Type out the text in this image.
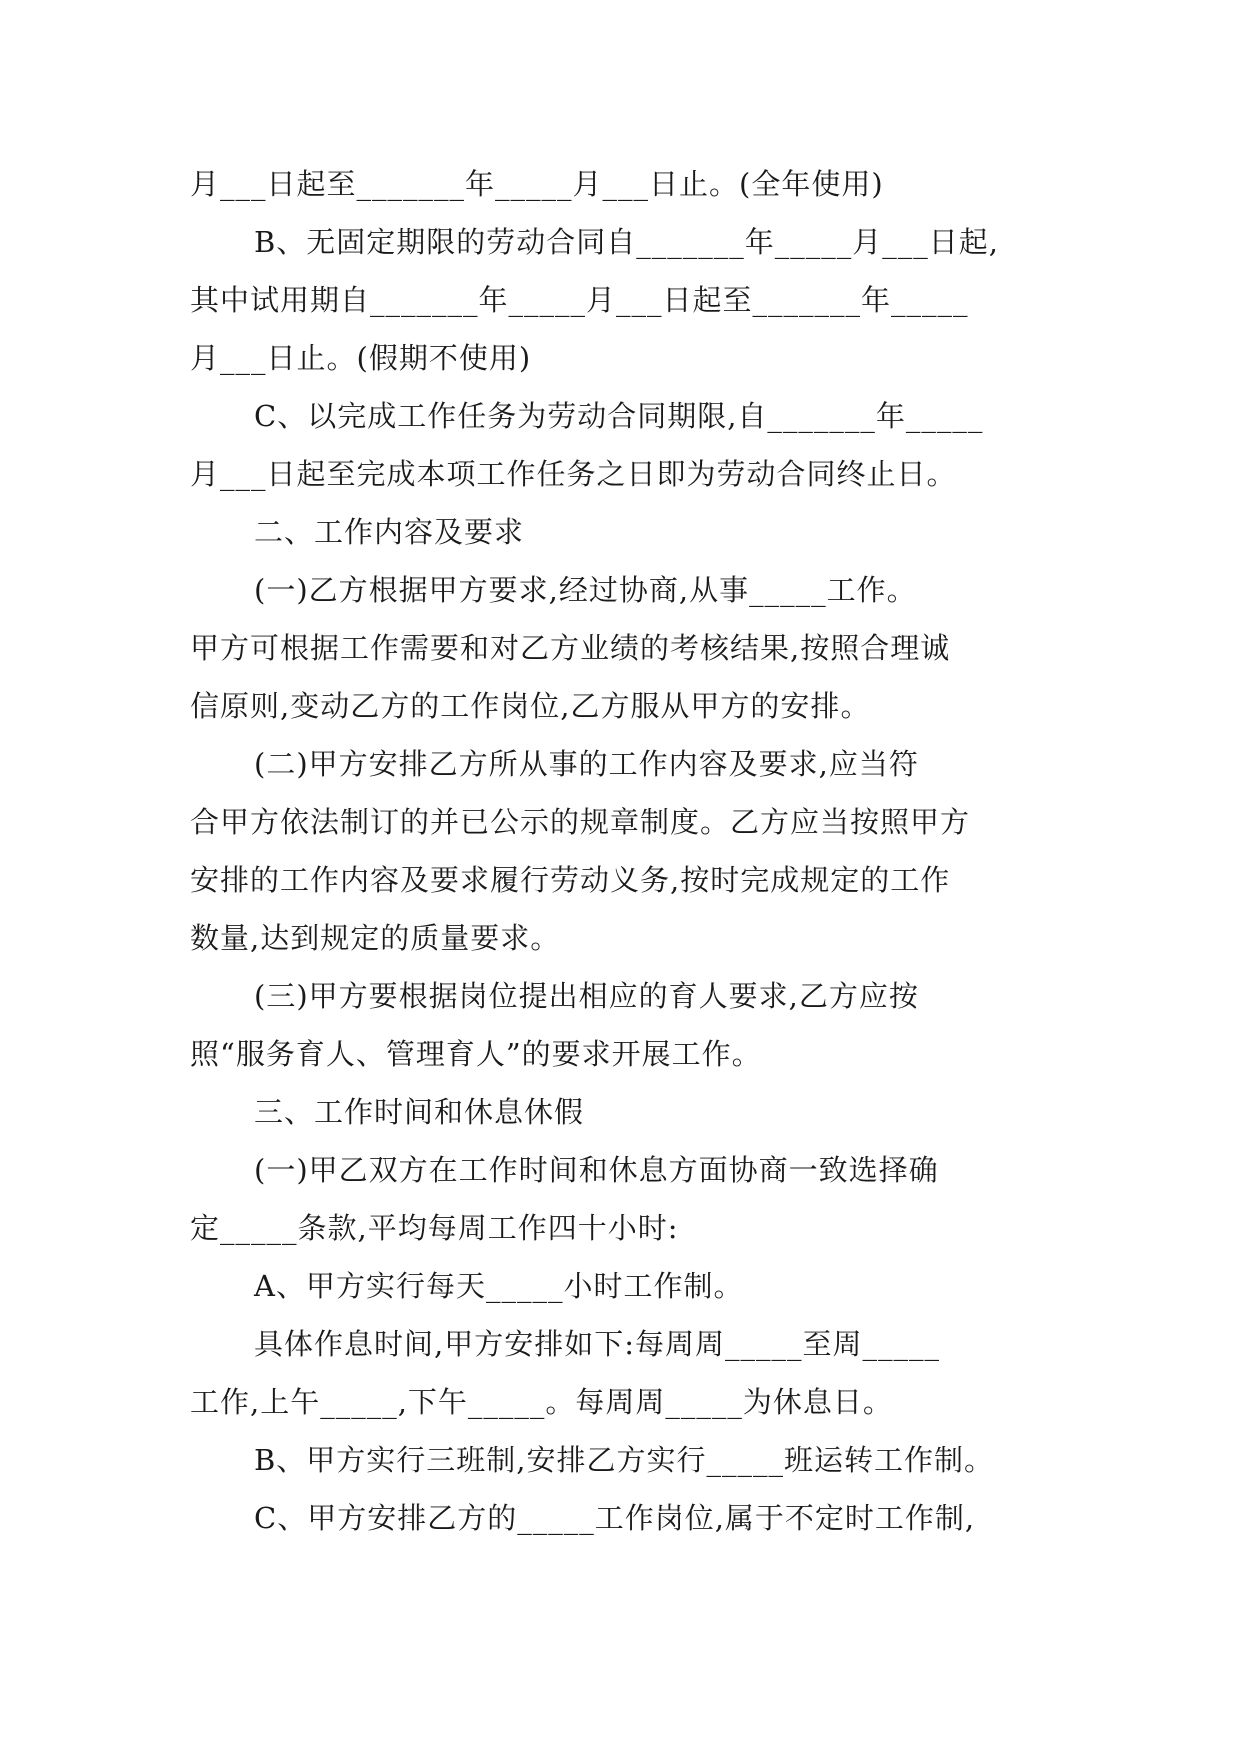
月___日起至_______年_____月___日止。(全年使用)
B、无固定期限的劳动合同自_______年_____月___日起,
其中试用期自_______年_____月___日起至_______年_____
月___日止。(假期不使用)
C、以完成工作任务为劳动合同期限,自_______年_____
月___日起至完成本项工作任务之日即为劳动合同终止日。
二、工作内容及要求
(一)乙方根据甲方要求,经过协商,从事_____工作。
甲方可根据工作需要和对乙方业绩的考核结果,按照合理诚
信原则,变动乙方的工作岗位,乙方服从甲方的安排。
(二)甲方安排乙方所从事的工作内容及要求,应当符
合甲方依法制订的并已公示的规章制度。乙方应当按照甲方
安排的工作内容及要求履行劳动义务,按时完成规定的工作
数量,达到规定的质量要求。
(三)甲方要根据岗位提出相应的育人要求,乙方应按
照“服务育人、管理育人”的要求开展工作。
三、工作时间和休息休假
(一)甲乙双方在工作时间和休息方面协商一致选择确
定_____条款,平均每周工作四十小时:
A、甲方实行每天_____小时工作制。
具体作息时间,甲方安排如下:每周周_____至周_____
工作,上午_____,下午_____。每周周_____为休息日。
B、甲方实行三班制,安排乙方实行_____班运转工作制。
C、甲方安排乙方的_____工作岗位,属于不定时工作制,
